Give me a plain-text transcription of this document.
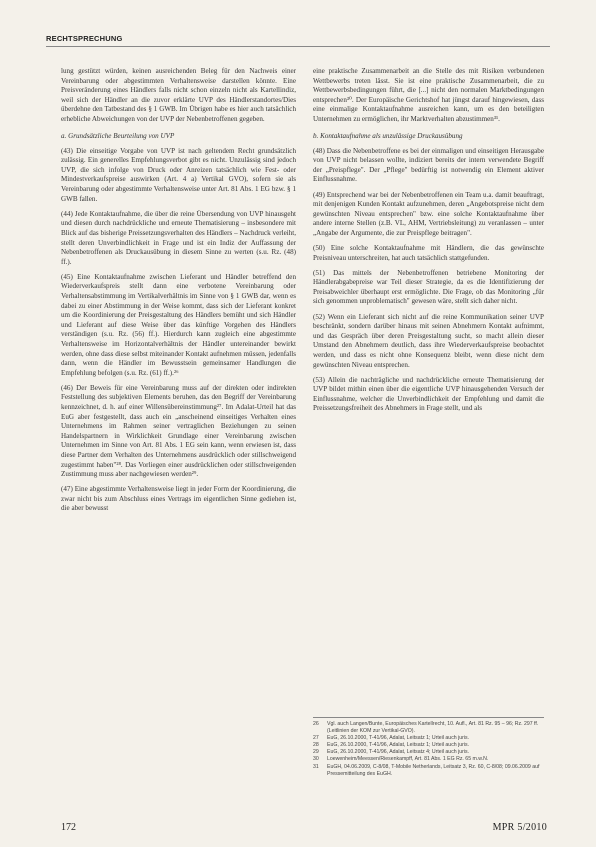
RECHTSPRECHUNG

lung gestützt würden, keinen ausreichenden Beleg für den Nachweis einer Vereinbarung oder abgestimmten Verhaltensweise darstellen könnte. Eine Preisveränderung eines Händlers falls nicht schon einzeln nicht als Kartellindiz, weil sich der Händler an die zuvor erklärte UVP des Händlerstandortes/Dies überdehne den Tatbestand des § 1 GWB. Im Übrigen habe es hier auch tatsächlich erhebliche Abweichungen von der UVP der Nebenbetroffenen gegeben.

a. Grundsätzliche Beurteilung von UVP

(43) Die einseitige Vorgabe von UVP ist nach geltendem Recht grundsätzlich zulässig. Ein generelles Empfehlungsverbot gibt es nicht. Unzulässig sind jedoch UVP, die sich infolge von Druck oder Anreizen tatsächlich wie Fest- oder Mindestverkaufspreise auswirken (Art. 4 a) Vertikal GVO), sofern sie als Vereinbarung oder abgestimmte Verhaltensweise unter Art. 81 Abs. 1 EG bzw. § 1 GWB fallen.

(44) Jede Kontaktaufnahme, die über die reine Übersendung von UVP hinausgeht und diesen durch nachdrückliche und erneute Thematisierung – insbesondere mit Blick auf das bisherige Preissetzungsverhalten des Händlers – Nachdruck verleiht, stellt deren Unverbindlichkeit in Frage und ist ein Indiz der Auffassung der Nebenbetroffenen als Druckausübung in diesem Sinne zu werten (s.u. Rz. (48) ff.).

(45) Eine Kontaktaufnahme zwischen Lieferant und Händler betreffend den Wiederverkaufspreis stellt dann eine verbotene Vereinbarung oder Verhaltensabstimmung im Vertikalverhältnis im Sinne von § 1 GWB dar, wenn es dabei zu einer Abstimmung in der Weise kommt, dass sich der Lieferant konkret um die Koordinierung der Preisgestaltung des Händlers bemüht und sich Händler und Lieferant auf diese Weise über das künftige Vorgehen des Händlers verständigen (s.u. Rz. (56) ff.). Hierdurch kann zugleich eine abgestimmte Verhaltensweise im Horizontalverhältnis der Händler untereinander bewirkt werden, ohne dass diese selbst miteinander Kontakt aufnehmen müssen, jedenfalls dann, wenn die Händler im Bewusstsein gemeinsamer Handlungen die Empfehlung befolgen (s.u. Rz. (61) ff.).²⁶

(46) Der Beweis für eine Vereinbarung muss auf der direkten oder indirekten Feststellung des subjektiven Elements beruhen, das den Begriff der Vereinbarung kennzeichnet, d. h. auf einer Willensübereinstimmung²⁷. Im Adalat-Urteil hat das EuG aber festgestellt, dass auch ein „anscheinend einseitiges Verhalten eines Unternehmens im Rahmen seiner vertraglichen Beziehungen zu seinen Handelspartnern in Wirklichkeit Grundlage einer Vereinbarung zwischen Unternehmen im Sinne von Art. 81 Abs. 1 EG sein kann, wenn erwiesen ist, dass diese Partner dem Verhalten des Unternehmens ausdrücklich oder stillschweigend zugestimmt haben"²⁸. Das Vorliegen einer ausdrücklichen oder stillschweigenden Zustimmung muss aber nachgewiesen werden²⁹.

(47) Eine abgestimmte Verhaltensweise liegt in jeder Form der Koordinierung, die zwar nicht bis zum Abschluss eines Vertrags im eigentlichen Sinne gediehen ist, die aber bewusst

eine praktische Zusammenarbeit an die Stelle des mit Risiken verbundenen Wettbewerbs treten lässt. Sie ist eine praktische Zusammenarbeit, die zu Wettbewerbsbedingungen führt, die [...] nicht den normalen Marktbedingungen entsprechen³⁰. Der Europäische Gerichtshof hat jüngst darauf hingewiesen, dass eine einmalige Kontaktaufnahme ausreichen kann, um es den beteiligten Unternehmen zu ermöglichen, ihr Marktverhalten abzustimmen³¹.

b. Kontaktaufnahme als unzulässige Druckausübung

(48) Dass die Nebenbetroffene es bei der einmaligen und einseitigen Herausgabe von UVP nicht belassen wollte, indiziert bereits der intern verwendete Begriff der „Preispflege". Der „Pflege" bedürftig ist notwendig ein Element aktiver Einflussnahme.

(49) Entsprechend war bei der Nebenbetroffenen ein Team u.a. damit beauftragt, mit denjenigen Kunden Kontakt aufzunehmen, deren „Angebotspreise nicht dem gewünschten Niveau entsprechen" bzw. eine solche Kontaktaufnahme über andere interne Stellen (z.B. VL, AHM, Vertriebsleitung) zu veranlassen – unter „Angabe der Argumente, die zur Preispflege beitragen".

(50) Eine solche Kontaktaufnahme mit Händlern, die das gewünschte Preisniveau unterschreiten, hat auch tatsächlich stattgefunden.

(51) Das mittels der Nebenbetroffenen betriebene Monitoring der Händlerabgabepreise war Teil dieser Strategie, da es die Identifizierung der Preisabweichler überhaupt erst ermöglichte. Die Frage, ob das Monitoring „für sich genommen unproblematisch" gewesen wäre, stellt sich daher nicht.

(52) Wenn ein Lieferant sich nicht auf die reine Kommunikation seiner UVP beschränkt, sondern darüber hinaus mit seinen Abnehmern Kontakt aufnimmt, und das Gespräch über deren Preisgestaltung sucht, so macht allein dieser Umstand den Abnehmern deutlich, dass ihre Wiederverkaufspreise beobachtet werden, und dass es nicht ohne Konsequenz bleibt, wenn diese nicht dem gewünschten Niveau entsprechen.

(53) Allein die nachträgliche und nachdrückliche erneute Thematisierung der UVP bildet mithin einen über die eigentliche UVP hinausgehenden Versuch der Einflussnahme, welcher die Unverbindlichkeit der Empfehlung und damit die Preissetzungsfreiheit des Abnehmers in Frage stellt, und als

26	Vgl. auch Langen/Bunte, Europäisches Kartellrecht, 10. Aufl., Art. 81 Rz. 95 – 96; Rz. 297 ff. (Leitlinien der KOM zur Vertikal-GVO).
27	EuG, 26.10.2000, T-41/96, Adalat, Leitsatz 1; Urteil auch juris.
28	EuG, 26.10.2000, T-41/96, Adalat, Leitsatz 1; Urteil auch juris.
29	EuG, 26.10.2000, T-41/96, Adalat, Leitsatz 4; Urteil auch juris.
30	Loewenheim/Meessen/Riesenkampff, Art. 81 Abs. 1 EG Rz. 65 m.w.N.
31	EuGH, 04.06.2009, C-8/08, T-Mobile Netherlands, Leitsatz 3, Rz. 60, C-8/08; 09.06.2009 auf Pressemitteilung des EuGH.
172	MPR 5/2010
